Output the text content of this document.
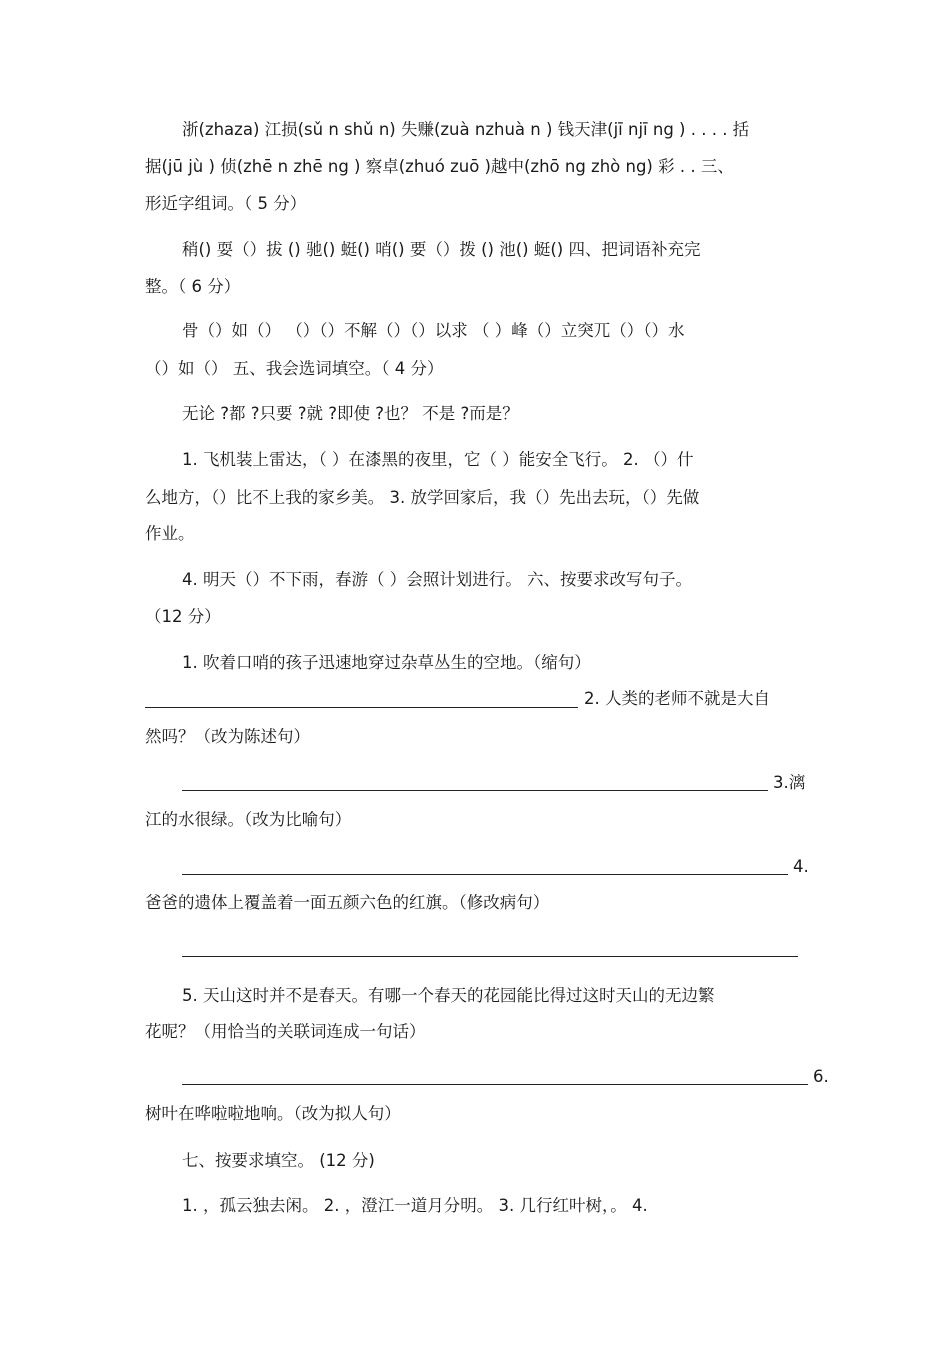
浙(zhaza) 江损(sǔ n shǔ n) 失赚(zuà nzhuà n ) 钱天津(jī njī ng ) . . . . 括
据(jū jù ) 侦(zhē n zhē ng ) 察卓(zhuó zuō )越中(zhō ng zhò ng) 彩 . . 三、
形近字组词。（ 5 分）
稍() 耍（）拔 () 驰() 蜓() 哨() 要（）拨 () 池() 蜓() 四、把词语补充完
整。（ 6 分）
骨（）如（） （）（）不解（）（）以求 （ ）峰（）立突兀（）（）水
（）如（） 五、我会选词填空。（ 4 分）
无论 ?都 ?只要 ?就 ?即使 ?也？ 不是 ?而是？
1. 飞机装上雷达，（ ）在漆黑的夜里，它（ ）能安全飞行。 2. （）什
么地方，（）比不上我的家乡美。 3. 放学回家后，我（）先出去玩，（）先做
作业。
4. 明天（）不下雨，春游（ ）会照计划进行。 六、按要求改写句子。
（12 分）
1. 吹着口哨的孩子迅速地穿过杂草丛生的空地。（缩句）
2. 人类的老师不就是大自
然吗？（改为陈述句）
3.漓
江的水很绿。（改为比喻句）
4.
爸爸的遗体上覆盖着一面五颜六色的红旗。（修改病句）
5. 天山这时并不是春天。有哪一个春天的花园能比得过这时天山的无边繁
花呢？（用恰当的关联词连成一句话）
6.
树叶在哗啦啦地响。（改为拟人句）
七、按要求填空。 (12 分)
1. ，孤云独去闲。 2. ，澄江一道月分明。 3. 几行红叶树，。 4.
